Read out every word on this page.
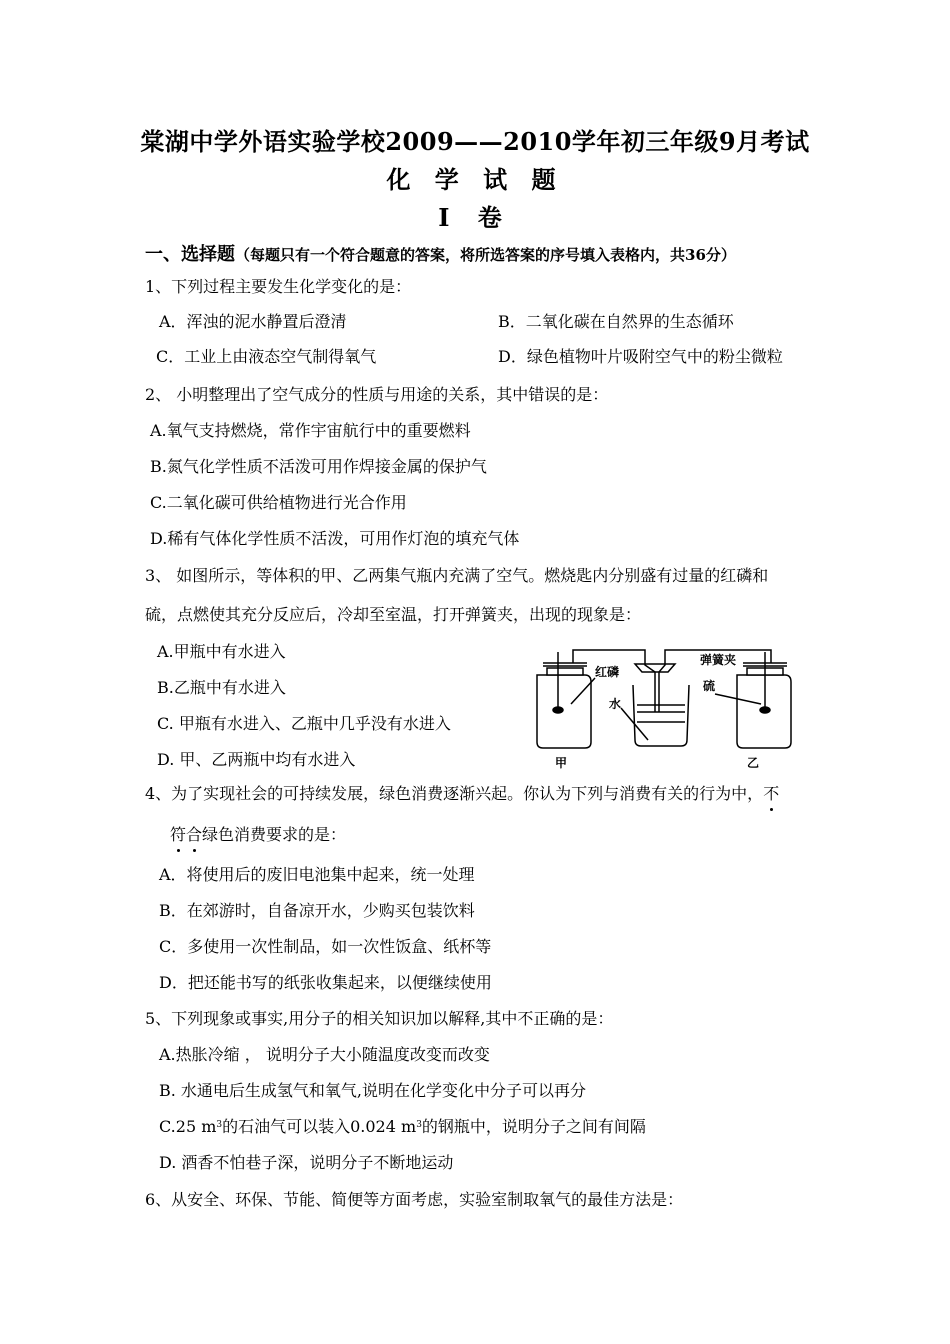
棠湖中学外语实验学校2009——2010学年初三年级9月考试
化 学 试 题
Ⅰ 卷
一、选择题（每题只有一个符合题意的答案，将所选答案的序号填入表格内，共36分）
1、下列过程主要发生化学变化的是：
A．浑浊的泥水静置后澄清	B．二氧化碳在自然界的生态循环
C．工业上由液态空气制得氧气	D．绿色植物叶片吸附空气中的粉尘微粒
2、 小明整理出了空气成分的性质与用途的关系，其中错误的是：
A.氧气支持燃烧，常作宇宙航行中的重要燃料
B.氮气化学性质不活泼可用作焊接金属的保护气
C.二氧化碳可供给植物进行光合作用
D.稀有气体化学性质不活泼，可用作灯泡的填充气体
3、 如图所示，等体积的甲、乙两集气瓶内充满了空气。燃烧匙内分别盛有过量的红磷和
硫，点燃使其充分反应后，冷却至室温，打开弹簧夹，出现的现象是：
A.甲瓶中有水进入
B.乙瓶中有水进入
C. 甲瓶有水进入、乙瓶中几乎没有水进入
D. 甲、乙两瓶中均有水进入
红磷
弹簧夹
水
硫
甲	乙
4、为了实现社会的可持续发展，绿色消费逐渐兴起。你认为下列与消费有关的行为中，不
符合绿色消费要求的是：
A．将使用后的废旧电池集中起来，统一处理
B．在郊游时，自备凉开水，少购买包装饮料
C．多使用一次性制品，如一次性饭盒、纸杯等
D．把还能书写的纸张收集起来，以便继续使用
5、下列现象或事实,用分子的相关知识加以解释,其中不正确的是：
A.热胀冷缩 ， 说明分子大小随温度改变而改变
B. 水通电后生成氢气和氧气,说明在化学变化中分子可以再分
C.25 $m^3$的石油气可以装入0.024 $m^3$的钢瓶中，说明分子之间有间隔
D. 酒香不怕巷子深，说明分子不断地运动
6、从安全、环保、节能、简便等方面考虑，实验室制取氧气的最佳方法是：
